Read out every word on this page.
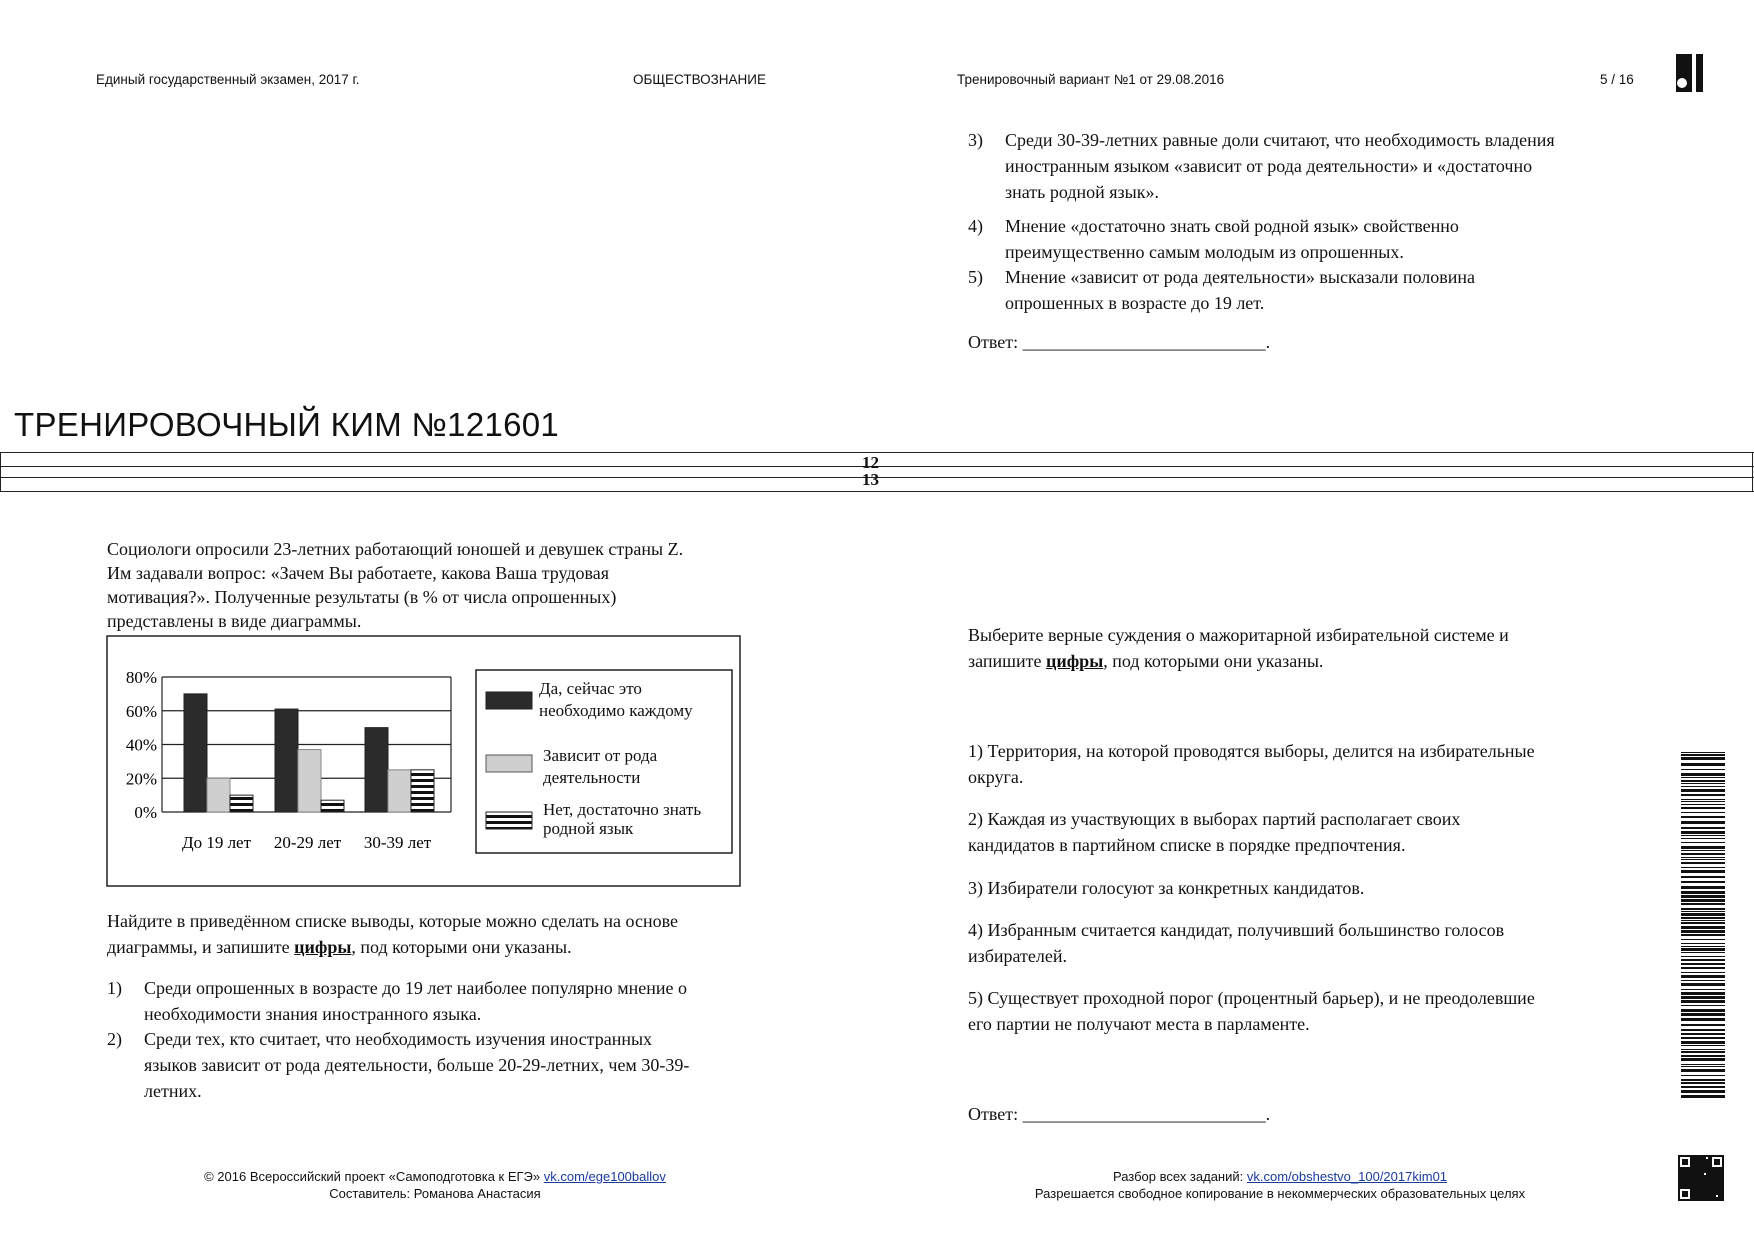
Единый государственный экзамен, 2017 г.	ОБЩЕСТВОЗНАНИЕ	Тренировочный вариант №1 от 29.08.2016	5 / 16
3) Среди 30-39-летних равные доли считают, что необходимость владения
иностранным языком «зависит от рода деятельности» и «достаточно
знать родной язык».
4) Мнение «достаточно знать свой родной язык» свойственно
преимущественно самым молодым из опрошенных.
5) Мнение «зависит от рода деятельности» высказали половина
опрошенных в возрасте до 19 лет.
Ответ: ___________________________.
ТРЕНИРОВОЧНЫЙ КИМ №121601
12
13
Социологи опросили 23-летних работающий юношей и девушек страны Z.
Им задавали вопрос: «Зачем Вы работаете, какова Ваша трудовая
мотивация?». Полученные результаты (в % от числа опрошенных)
представлены в виде диаграммы.
0%
20%
40%
60%
80%
До 19 лет 20-29 лет 30-39 лет
Да, сейчас это
необходимо каждому
Зависит от рода
деятельности
Нет, достаточно знать
родной язык
Найдите в приведённом списке выводы, которые можно сделать на основе
диаграммы, и запишите цифры, под которыми они указаны.
1) Среди опрошенных в возрасте до 19 лет наиболее популярно мнение о
необходимости знания иностранного языка.
2) Среди тех, кто считает, что необходимость изучения иностранных
языков зависит от рода деятельности, больше 20-29-летних, чем 30-39-
летних.
Выберите верные суждения о мажоритарной избирательной системе и
запишите цифры, под которыми они указаны.
1) Территория, на которой проводятся выборы, делится на избирательные
округа.
2) Каждая из участвующих в выборах партий располагает своих
кандидатов в партийном списке в порядке предпочтения.
3) Избиратели голосуют за конкретных кандидатов.
4) Избранным считается кандидат, получивший большинство голосов
избирателей.
5) Существует проходной порог (процентный барьер), и не преодолевшие
его партии не получают места в парламенте.
Ответ: ___________________________.
© 2016 Всероссийский проект «Самоподготовка к ЕГЭ» vk.com/ege100ballov
Составитель: Романова Анастасия
Разбор всех заданий: vk.com/obshestvo_100/2017kim01
Разрешается свободное копирование в некоммерческих образовательных целях
